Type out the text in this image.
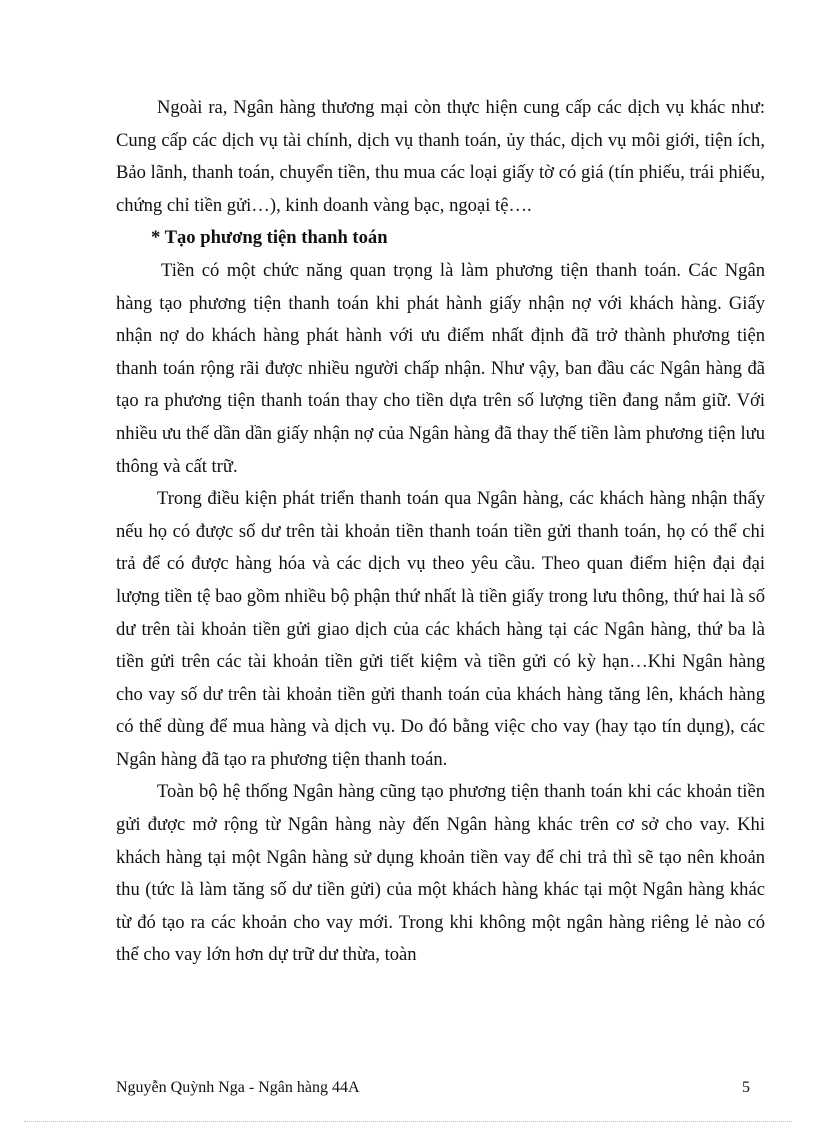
Ngoài ra, Ngân hàng thương mại còn thực hiện cung cấp các dịch vụ khác như: Cung cấp các dịch vụ tài chính, dịch vụ thanh toán, ủy thác, dịch vụ môi giới, tiện ích, Bảo lãnh, thanh toán, chuyển tiền, thu mua các loại giấy tờ có giá (tín phiếu, trái phiếu, chứng chỉ tiền gửi…), kinh doanh vàng bạc, ngoại tệ….

* Tạo phương tiện thanh toán

Tiền có một chức năng quan trọng là làm phương tiện thanh toán. Các Ngân hàng tạo phương tiện thanh toán khi phát hành giấy nhận nợ với khách hàng. Giấy nhận nợ do khách hàng phát hành với ưu điểm nhất định đã trở thành phương tiện thanh toán rộng rãi được nhiều người chấp nhận. Như vậy, ban đầu các Ngân hàng đã tạo ra phương tiện thanh toán thay cho tiền dựa trên số lượng tiền đang nắm giữ. Với nhiều ưu thế dần dần giấy nhận nợ của Ngân hàng đã thay thế tiền làm phương tiện lưu thông và cất trữ.

Trong điều kiện phát triển thanh toán qua Ngân hàng, các khách hàng nhận thấy nếu họ có được số dư trên tài khoản tiền thanh toán tiền gửi thanh toán, họ có thể chi trả để có được hàng hóa và các dịch vụ theo yêu cầu. Theo quan điểm hiện đại đại lượng tiền tệ bao gồm nhiều bộ phận thứ nhất là tiền giấy trong lưu thông, thứ hai là số dư trên tài khoản tiền gửi giao dịch của các khách hàng tại các Ngân hàng, thứ ba là tiền gửi trên các tài khoản tiền gửi tiết kiệm và tiền gửi có kỳ hạn…Khi Ngân hàng cho vay số dư trên tài khoản tiền gửi thanh toán của khách hàng tăng lên, khách hàng có thể dùng để mua hàng và dịch vụ. Do đó bằng việc cho vay (hay tạo tín dụng), các Ngân hàng đã tạo ra phương tiện thanh toán.

Toàn bộ hệ thống Ngân hàng cũng tạo phương tiện thanh toán khi các khoản tiền gửi được mở rộng từ Ngân hàng này đến Ngân hàng khác trên cơ sở cho vay. Khi khách hàng tại một Ngân hàng sử dụng khoản tiền vay để chi trả thì sẽ tạo nên khoản thu (tức là làm tăng số dư tiền gửi) của một khách hàng khác tại một Ngân hàng khác từ đó tạo ra các khoản cho vay mới. Trong khi không một ngân hàng riêng lẻ nào có thể cho vay lớn hơn dự trữ dư thừa, toàn

Nguyễn Quỳnh Nga - Ngân hàng 44A	5
